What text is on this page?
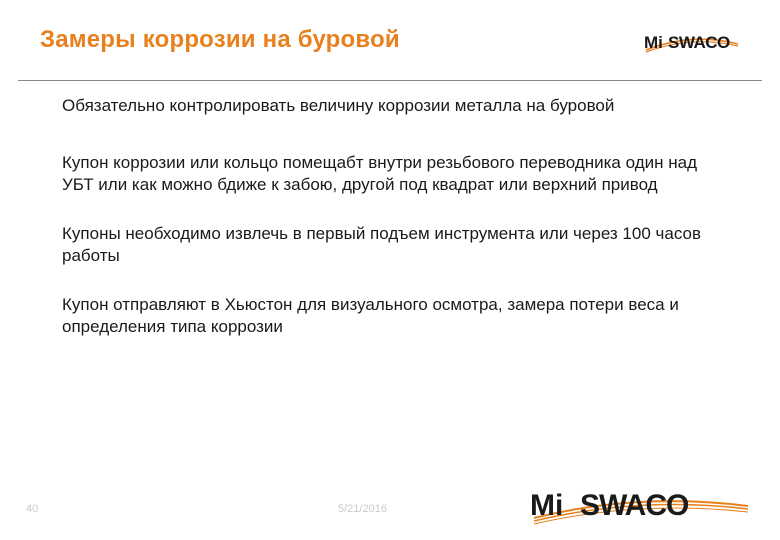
Замеры коррозии на буровой	Mi SWACO

Обязательно контролировать величину коррозии металла на буровой

Купон коррозии или кольцо помещабт внутри резьбового переводника один над УБТ или как можно бдиже к забою, другой под квадрат или верхний привод

Купоны необходимо извлечь в первый подъем инструмента или через 100 часов работы

Купон отправляют в Хьюстон для визуального осмотра, замера потери веса и определения типа коррозии

40	5/21/2016	Mi SWACO
